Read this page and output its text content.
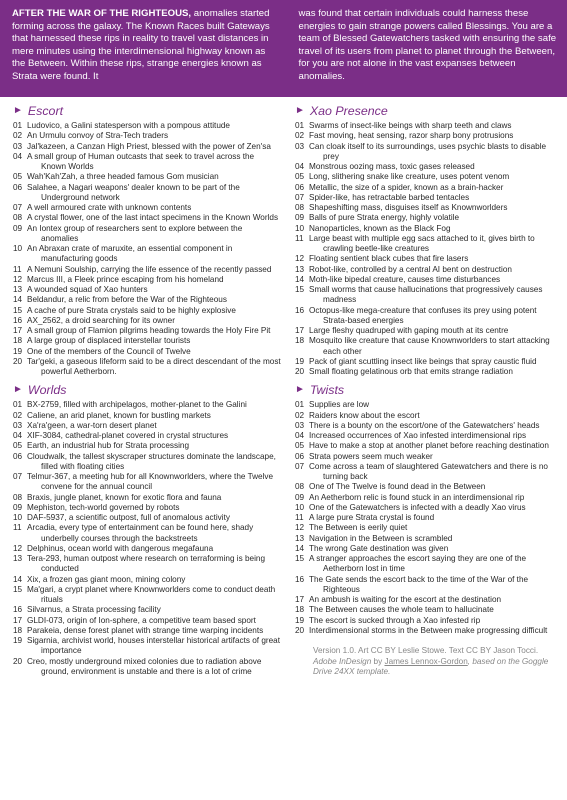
AFTER THE WAR OF THE RIGHTEOUS, anomalies started forming across the galaxy. The Known Races built Gateways that harnessed these rips in reality to travel vast distances in mere minutes using the interdimensional highway known as the Between. Within these rips, strange energies known as Strata were found. It
was found that certain individuals could harness these energies to gain strange powers called Blessings. You are a team of Blessed Gatewatchers tasked with ensuring the safe travel of its users from planet to planet through the Between, for you are not alone in the vast expanses between anomalies.
► Escort
01 Ludovico, a Galini statesperson with a pompous attitude
02 An Urmulu convoy of Stra-Tech traders
03 Jal'kazeen, a Canzan High Priest, blessed with the power of Zen'sa
04 A small group of Human outcasts that seek to travel across the Known Worlds
05 Wah'Kah'Zah, a three headed famous Gom musician
06 Salahee, a Nagari weapons' dealer known to be part of the Underground network
07 A well armoured crate with unknown contents
08 A crystal flower, one of the last intact specimens in the Known Worlds
09 An Iontex group of researchers sent to explore between the anomalies
10 An Abraxan crate of maruxite, an essential component in manufacturing goods
11 A Nemuni Soulship, carrying the life essence of the recently passed
12 Marcus III, a Fleek prince escaping from his homeland
13 A wounded squad of Xao hunters
14 Beldandur, a relic from before the War of the Righteous
15 A cache of pure Strata crystals said to be highly explosive
16 AX_2562, a droid searching for its owner
17 A small group of Flamion pilgrims heading towards the Holy Fire Pit
18 A large group of displaced interstellar tourists
19 One of the members of the Council of Twelve
20 Tar'geki, a gaseous lifeform said to be a direct descendant of the most powerful Aetherborn.
► Worlds
01 BX-2759, filled with archipelagos, mother-planet to the Galini
02 Caliene, an arid planet, known for bustling markets
03 Xa'ra'geen, a war-torn desert planet
04 XIF-3084, cathedral-planet covered in crystal structures
05 Earth, an industrial hub for Strata processing
06 Cloudwalk, the tallest skyscraper structures dominate the landscape, filled with floating cities
07 Telmur-367, a meeting hub for all Knownworlders, where the Twelve convene for the annual council
08 Braxis, jungle planet, known for exotic flora and fauna
09 Mephiston, tech-world governed by robots
10 DAF-5937, a scientific outpost, full of anomalous activity
11 Arcadia, every type of entertainment can be found here, shady underbelly courses through the backstreets
12 Delphinus, ocean world with dangerous megafauna
13 Tera-293, human outpost where research on terraforming is being conducted
14 Xix, a frozen gas giant moon, mining colony
15 Ma'gari, a crypt planet where Knownworlders come to conduct death rituals
16 Silvarnus, a Strata processing facility
17 GLDI-073, origin of Ion-sphere, a competitive team based sport
18 Parakeia, dense forest planet with strange time warping incidents
19 Sigarnia, archivist world, houses interstellar historical artifacts of great importance
20 Creo, mostly underground mixed colonies due to radiation above ground, environment is unstable and there is a lot of crime
► Xao Presence
01 Swarms of insect-like beings with sharp teeth and claws
02 Fast moving, heat sensing, razor sharp bony protrusions
03 Can cloak itself to its surroundings, uses psychic blasts to disable prey
04 Monstrous oozing mass, toxic gases released
05 Long, slithering snake like creature, uses potent venom
06 Metallic, the size of a spider, known as a brain-hacker
07 Spider-like, has retractable barbed tentacles
08 Shapeshifting mass, disguises itself as Knownworlders
09 Balls of pure Strata energy, highly volatile
10 Nanoparticles, known as the Black Fog
11 Large beast with multiple egg sacs attached to it, gives birth to crawling beetle-like creatures
12 Floating sentient black cubes that fire lasers
13 Robot-like, controlled by a central AI bent on destruction
14 Moth-like bipedal creature, causes time disturbances
15 Small worms that cause hallucinations that progressively causes madness
16 Octopus-like mega-creature that confuses its prey using potent Strata-based energies
17 Large fleshy quadruped with gaping mouth at its centre
18 Mosquito like creature that cause Knownworlders to start attacking each other
19 Pack of giant scuttling insect like beings that spray caustic fluid
20 Small floating gelatinous orb that emits strange radiation
► Twists
01 Supplies are low
02 Raiders know about the escort
03 There is a bounty on the escort/one of the Gatewatchers' heads
04 Increased occurrences of Xao infested interdimensional rips
05 Have to make a stop at another planet before reaching destination
06 Strata powers seem much weaker
07 Come across a team of slaughtered Gatewatchers and there is no turning back
08 One of The Twelve is found dead in the Between
09 An Aetherborn relic is found stuck in an interdimensional rip
10 One of the Gatewatchers is infected with a deadly Xao virus
11 A large pure Strata crystal is found
12 The Between is eerily quiet
13 Navigation in the Between is scrambled
14 The wrong Gate destination was given
15 A stranger approaches the escort saying they are one of the Aetherborn lost in time
16 The Gate sends the escort back to the time of the War of the Righteous
17 An ambush is waiting for the escort at the destination
18 The Between causes the whole team to hallucinate
19 The escort is sucked through a Xao infested rip
20 Interdimensional storms in the Between make progressing difficult
Version 1.0. Art CC BY Leslie Stowe. Text CC BY Jason Tocci. Adobe InDesign by James Lennox-Gordon, based on the Goggle Drive 24XX template.
